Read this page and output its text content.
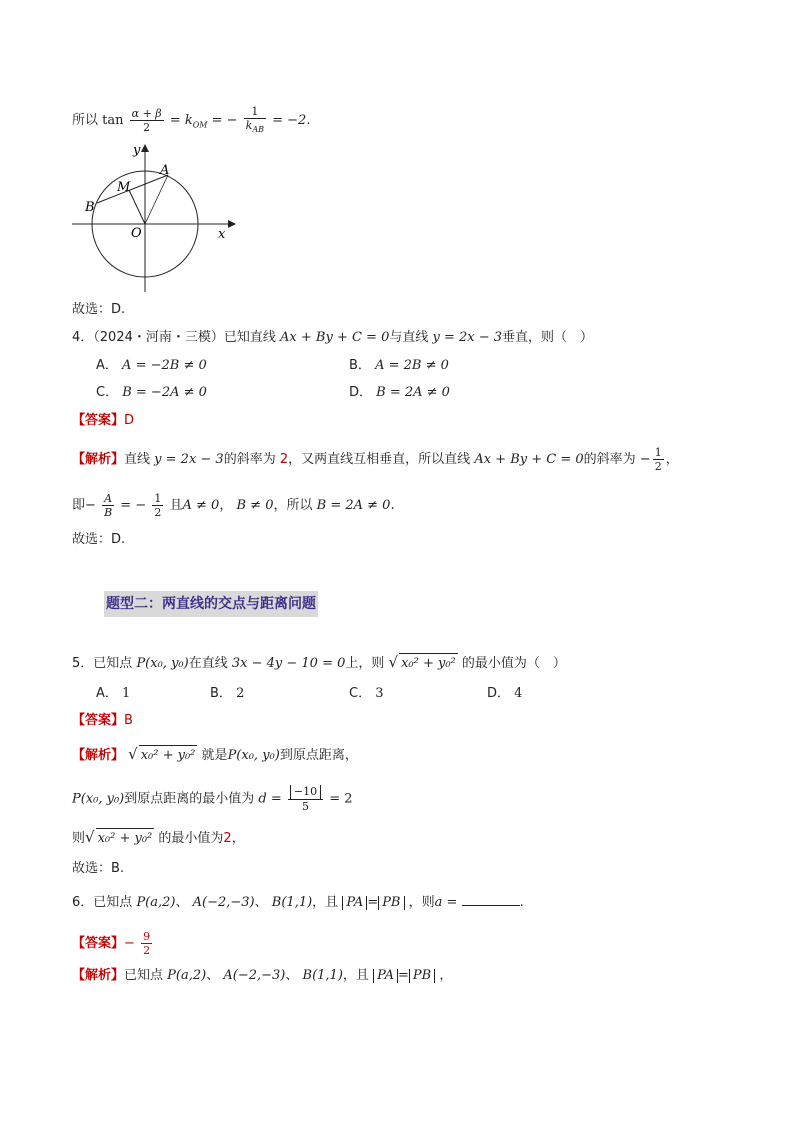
所以 $\tan \frac{\alpha + \beta}{2} = k_{OM}$ = − $\frac{1}{k_{AB}} = -2$.
x
y
O
A
B
M
故选：D.
4．（2024・河南・三模）已知直线 Ax + By + C = 0与直线 y = 2x − 3垂直，则（　）
A． A = −2B ≠ 0	B． A = 2B ≠ 0
C． B = −2A ≠ 0	D． B = 2A ≠ 0
【答案】D
【解析】直线 y = 2x − 3的斜率为 2，又两直线互相垂直，所以直线 Ax + By + C = 0的斜率为 − $\frac{1}{2}$ ，
即− $\frac{A}{B}$ = − $\frac{1}{2}$ 且A ≠ 0， B ≠ 0，所以 B = 2A ≠ 0.
故选：D.
题型二：两直线的交点与距离问题
5．已知点 P(x₀, y₀)在直线 3x − 4y − 10 = 0上，则 √ x₀² + y₀² 的最小值为（　）
A． 1	B． 2	C． 3	D． 4
【答案】B
【解析】 √ x₀² + y₀² 就是P(x₀, y₀)到原点距离，
P(x₀, y₀)到原点距离的最小值为 $d = \frac{-10}{5} = 2$
则√ x₀² + y₀² 的最小值为2，
故选：B.
6．已知点 P(a,2)、 A(−2,−3)、 B(1,1)，且 PA = PB ，则a =	.
【答案】− $\frac{9}{2}$
【解析】已知点 P(a,2)、 A(−2,−3)、 B(1,1)，且 PA = PB ，
